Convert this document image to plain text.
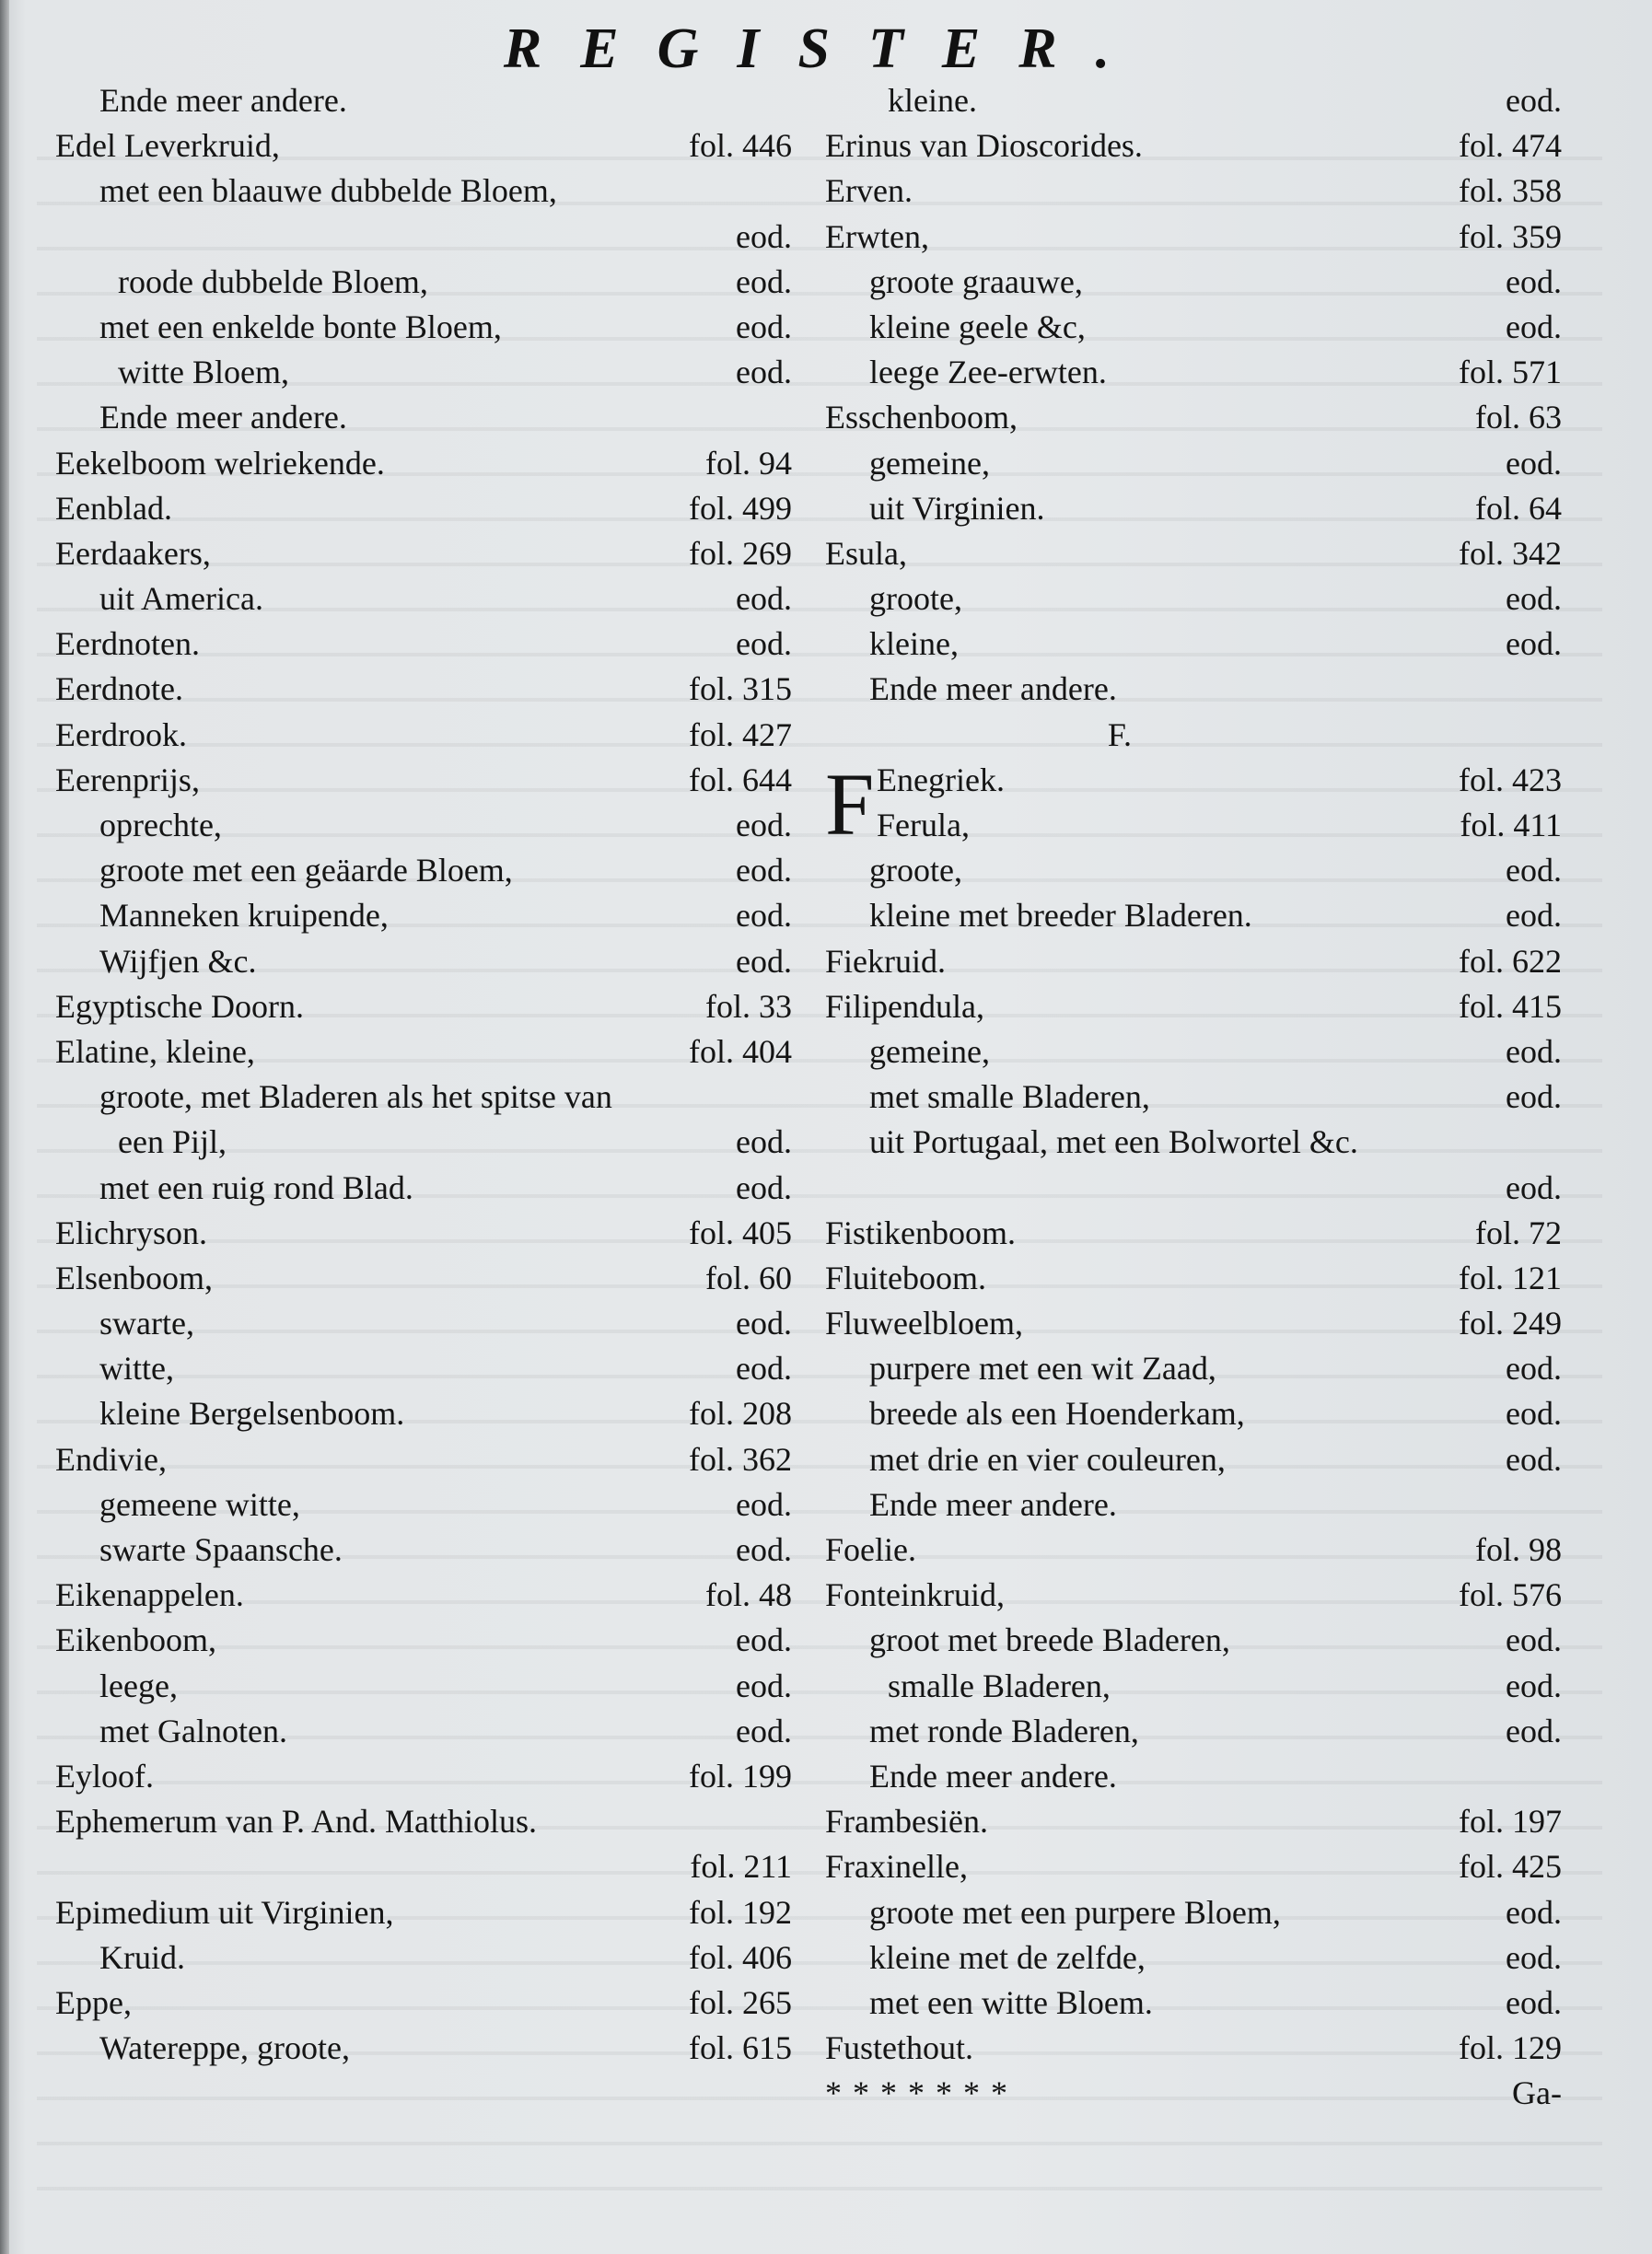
REGISTER.
Ende meer andere.
Edel Leverkruid,	fol. 446
met een blaauwe dubbelde Bloem,
eod.
roode dubbelde Bloem,	eod.
met een enkelde bonte Bloem,	eod.
witte Bloem,	eod.
Ende meer andere.
Eekelboom welriekende.	fol. 94
Eenblad.	fol. 499
Eerdaakers,	fol. 269
uit America.	eod.
Eerdnoten.	eod.
Eerdnote.	fol. 315
Eerdrook.	fol. 427
Eerenprijs,	fol. 644
oprechte,	eod.
groote met een geäarde Bloem,	eod.
Manneken kruipende,	eod.
Wijfjen &c.	eod.
Egyptische Doorn.	fol. 33
Elatine, kleine,	fol. 404
groote, met Bladeren als het spitse van
een Pijl,	eod.
met een ruig rond Blad.	eod.
Elichryson.	fol. 405
Elsenboom,	fol. 60
swarte,	eod.
witte,	eod.
kleine Bergelsenboom.	fol. 208
Endivie,	fol. 362
gemeene witte,	eod.
swarte Spaansche.	eod.
Eikenappelen.	fol. 48
Eikenboom,	eod.
leege,	eod.
met Galnoten.	eod.
Eyloof.	fol. 199
Ephemerum van P. And. Matthiolus.
fol. 211
Epimedium uit Virginien,	fol. 192
Kruid.	fol. 406
Eppe,	fol. 265
Watereppe, groote,	fol. 615
kleine.	eod.
Erinus van Dioscorides.	fol. 474
Erven.	fol. 358
Erwten,	fol. 359
groote graauwe,	eod.
kleine geele &c,	eod.
leege Zee-erwten.	fol. 571
Esschenboom,	fol. 63
gemeine,	eod.
uit Virginien.	fol. 64
Esula,	fol. 342
groote,	eod.
kleine,	eod.
Ende meer andere.
F.
Enegriek.	fol. 423
F Ferula,	fol. 411
groote,	eod.
kleine met breeder Bladeren.	eod.
Fiekruid.	fol. 622
Filipendula,	fol. 415
gemeine,	eod.
met smalle Bladeren,	eod.
uit Portugaal, met een Bolwortel &c.
eod.
Fistikenboom.	fol. 72
Fluiteboom.	fol. 121
Fluweelbloem,	fol. 249
purpere met een wit Zaad,	eod.
breede als een Hoenderkam,	eod.
met drie en vier couleuren,	eod.
Ende meer andere.
Foelie.	fol. 98
Fonteinkruid,	fol. 576
groot met breede Bladeren,	eod.
smalle Bladeren,	eod.
met ronde Bladeren,	eod.
Ende meer andere.
Frambesiën.	fol. 197
Fraxinelle,	fol. 425
groote met een purpere Bloem,	eod.
kleine met de zelfde,	eod.
met een witte Bloem.	eod.
Fustethout.	fol. 129
*******	Ga-
